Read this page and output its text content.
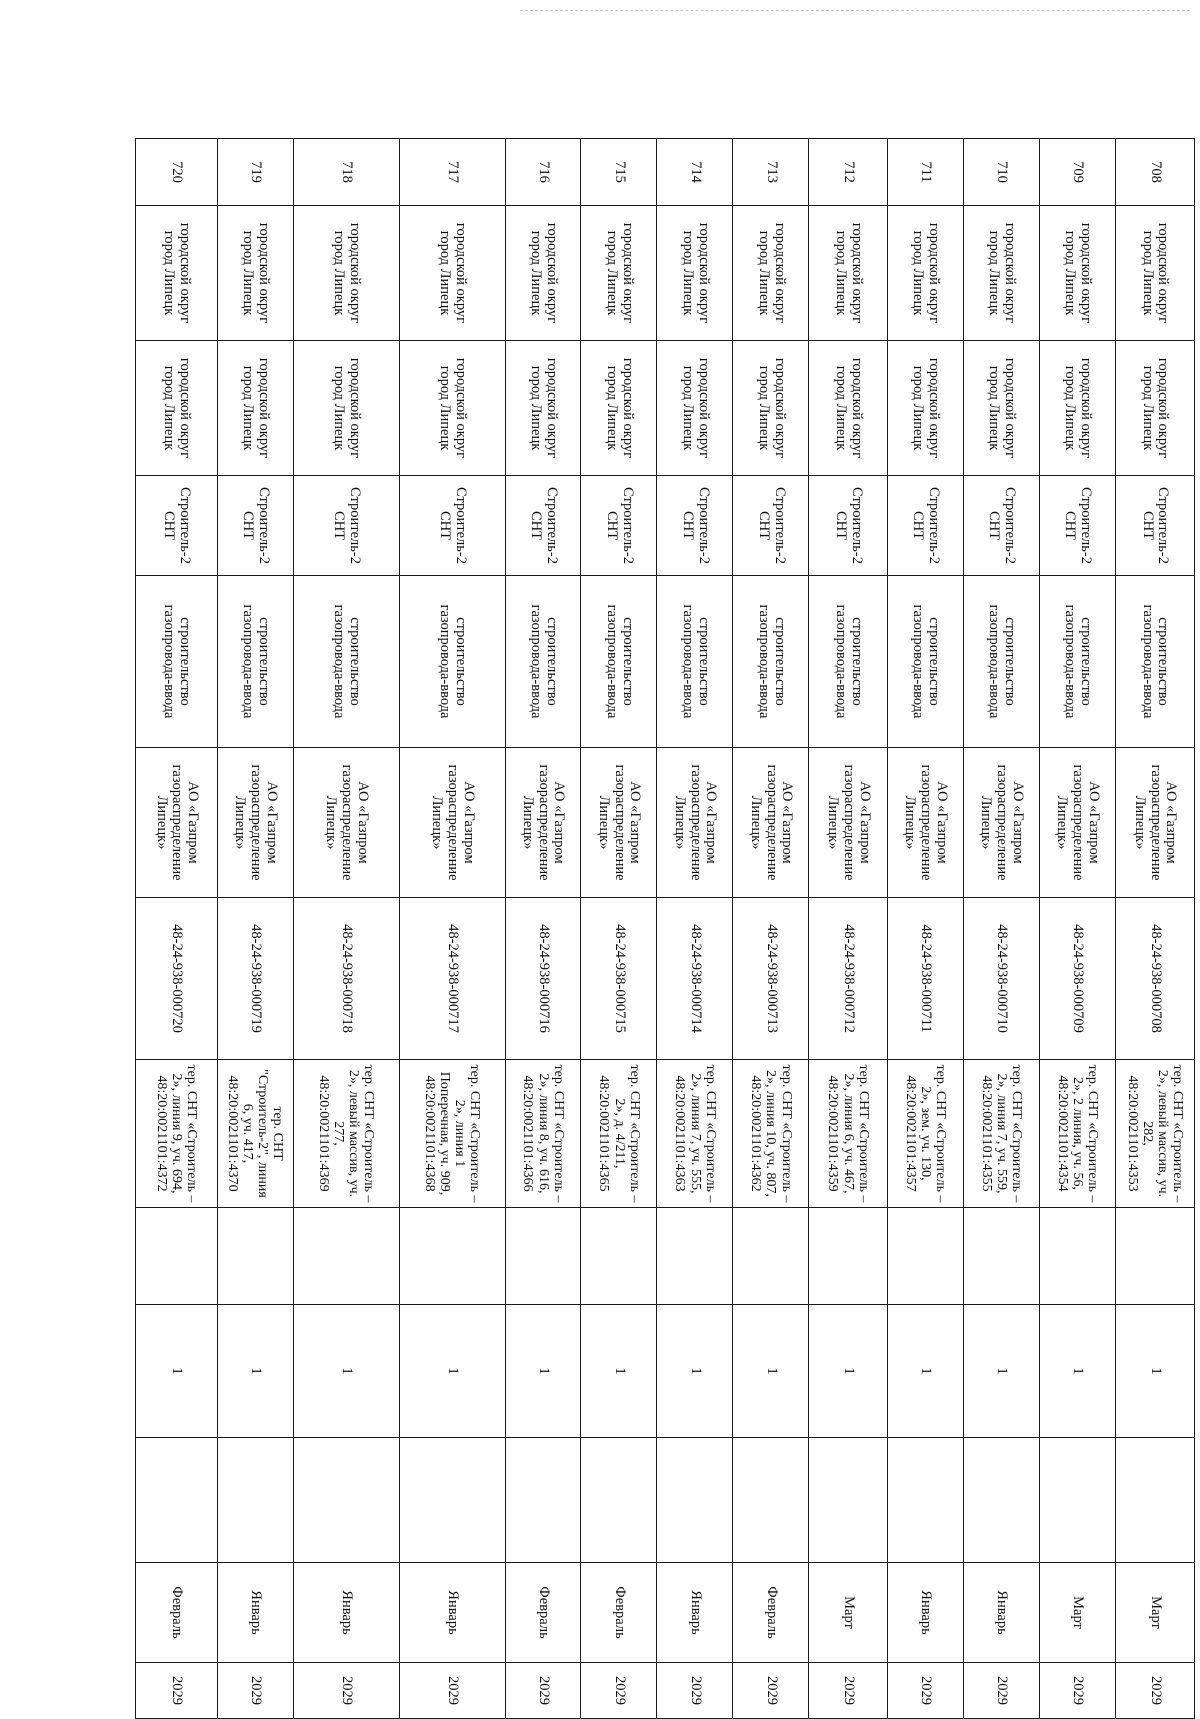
708	городской округ город Липецк	городской округ город Липецк	Строитель-2 СНТ	строительство газопровода-ввода	АО «Газпром газораспределение Липецк»	48-24-938-000708	тер. СНТ «Строитель – 2», левый массив, уч. 282, 48:20:0021101:4353		1		Март	2029
709	городской округ город Липецк	городской округ город Липецк	Строитель-2 СНТ	строительство газопровода-ввода	АО «Газпром газораспределение Липецк»	48-24-938-000709	тер. СНТ «Строитель – 2», 2 линия, уч. 56, 48:20:0021101:4354		1		Март	2029
710	городской округ город Липецк	городской округ город Липецк	Строитель-2 СНТ	строительство газопровода-ввода	АО «Газпром газораспределение Липецк»	48-24-938-000710	тер. СНТ «Строитель – 2», линия 7, уч. 559, 48:20:0021101:4355		1		Январь	2029
711	городской округ город Липецк	городской округ город Липецк	Строитель-2 СНТ	строительство газопровода-ввода	АО «Газпром газораспределение Липецк»	48-24-938-000711	тер. СНТ «Строитель – 2», зем. уч. 130, 48:20:0021101:4357		1		Январь	2029
712	городской округ город Липецк	городской округ город Липецк	Строитель-2 СНТ	строительство газопровода-ввода	АО «Газпром газораспределение Липецк»	48-24-938-000712	тер. СНТ «Строитель – 2», линия 6, уч. 467, 48:20:0021101:4359		1		Март	2029
713	городской округ город Липецк	городской округ город Липецк	Строитель-2 СНТ	строительство газопровода-ввода	АО «Газпром газораспределение Липецк»	48-24-938-000713	тер. СНТ «Строитель – 2», линия 10, уч. 807, 48:20:0021101:4362		1		Февраль	2029
714	городской округ город Липецк	городской округ город Липецк	Строитель-2 СНТ	строительство газопровода-ввода	АО «Газпром газораспределение Липецк»	48-24-938-000714	тер. СНТ «Строитель – 2», линия 7, уч. 555, 48:20:0021101:4363		1		Январь	2029
715	городской округ город Липецк	городской округ город Липецк	Строитель-2 СНТ	строительство газопровода-ввода	АО «Газпром газораспределение Липецк»	48-24-938-000715	тер. СНТ «Строитель – 2», д. 4/211, 48:20:0021101:4365		1		Февраль	2029
716	городской округ город Липецк	городской округ город Липецк	Строитель-2 СНТ	строительство газопровода-ввода	АО «Газпром газораспределение Липецк»	48-24-938-000716	тер. СНТ «Строитель – 2», линия 8, уч. 616, 48:20:0021101:4366		1		Февраль	2029
717	городской округ город Липецк	городской округ город Липецк	Строитель-2 СНТ	строительство газопровода-ввода	АО «Газпром газораспределение Липецк»	48-24-938-000717	тер. СНТ «Строитель – 2», линия 1 Поперечная, уч. 909, 48:20:0021101:4368		1		Январь	2029
718	городской округ город Липецк	городской округ город Липецк	Строитель-2 СНТ	строительство газопровода-ввода	АО «Газпром газораспределение Липецк»	48-24-938-000718	тер. СНТ «Строитель – 2», левый массив, уч. 277, 48:20:0021101:4369		1		Январь	2029
719	городской округ город Липецк	городской округ город Липецк	Строитель-2 СНТ	строительство газопровода-ввода	АО «Газпром газораспределение Липецк»	48-24-938-000719	тер. СНТ "Строитель-2", линия 6, уч. 417, 48:20:0021101:4370		1		Январь	2029
720	городской округ город Липецк	городской округ город Липецк	Строитель-2 СНТ	строительство газопровода-ввода	АО «Газпром газораспределение Липецк»	48-24-938-000720	тер. СНТ «Строитель – 2», линия 9, уч. 694, 48:20:0021101:4372		1		Февраль	2029
